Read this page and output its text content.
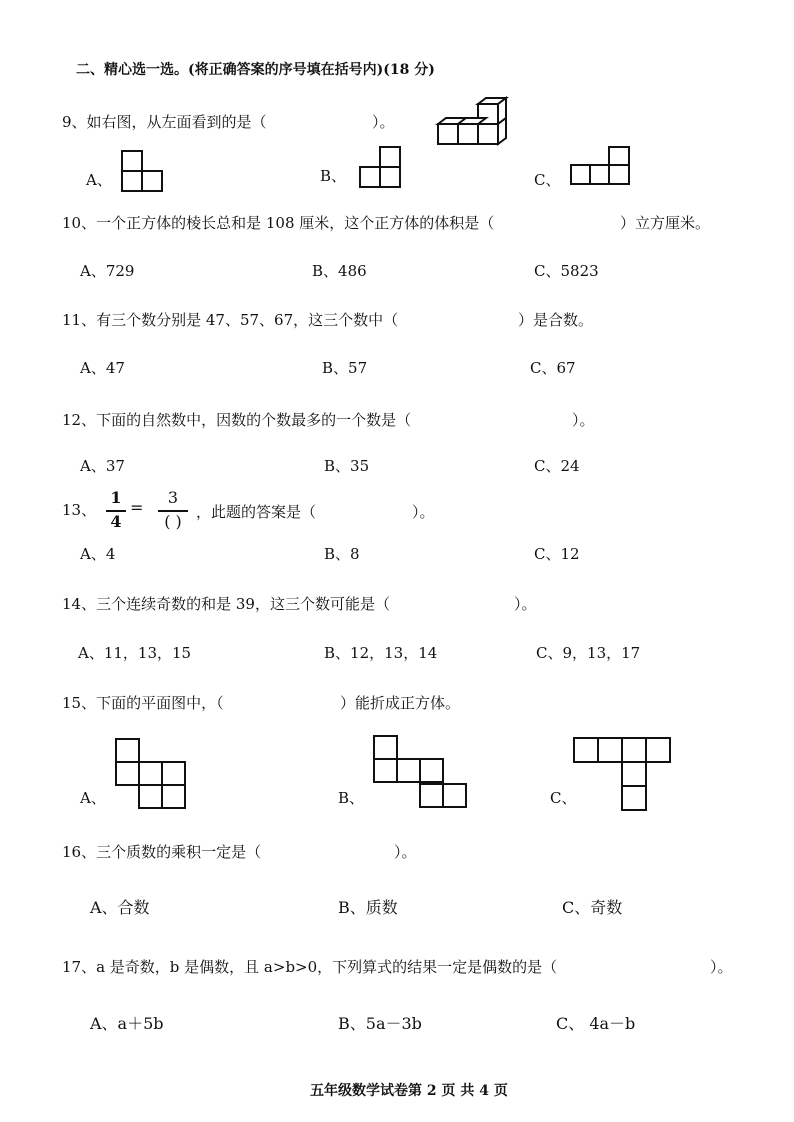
二、精心选一选。(将正确答案的序号填在括号内)(18 分)
9、如右图，从左面看到的是（	）。
A、	B、	C、
10、一个正方体的棱长总和是 108 厘米，这个正方体的体积是（	）立方厘米。
A、729	B、486	C、5823
11、有三个数分别是 47、57、67，这三个数中（	）是合数。
A、47	B、57	C、67
12、下面的自然数中，因数的个数最多的一个数是（	）。
A、37	B、35	C、24
13、
1
4
=
3
( ) ，此题的答案是（	）。
A、4	B、8	C、12
14、三个连续奇数的和是 39，这三个数可能是（	）。
A、11，13，15	B、12，13，14	C、9，13，17
15、下面的平面图中，（	）能折成正方体。
A、	B、	C、
16、三个质数的乘积一定是（	）。
A、合数	B、质数	C、奇数
17、a 是奇数，b 是偶数，且 a>b>0，下列算式的结果一定是偶数的是（	）。
A、a＋5b	B、5a－3b	C、 4a－b
五年级数学试卷第 2 页 共 4 页
